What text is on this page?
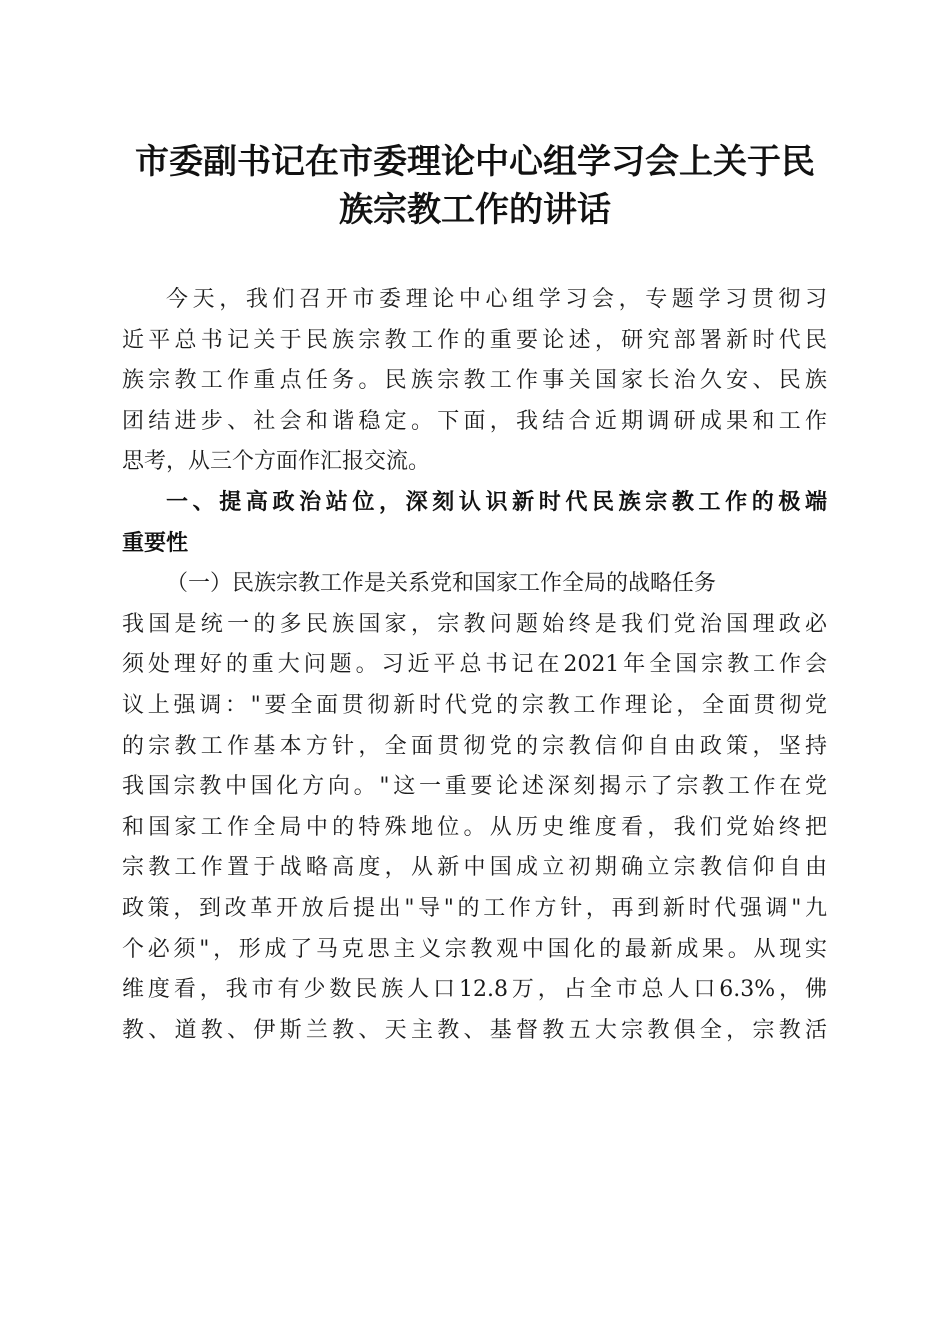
市委副书记在市委理论中心组学习会上关于民
族宗教工作的讲话
今天，我们召开市委理论中心组学习会，专题学习贯彻习
近平总书记关于民族宗教工作的重要论述，研究部署新时代民
族宗教工作重点任务。民族宗教工作事关国家长治久安、民族
团结进步、社会和谐稳定。下面，我结合近期调研成果和工作
思考，从三个方面作汇报交流。
一、提高政治站位，深刻认识新时代民族宗教工作的极端
重要性
（一）民族宗教工作是关系党和国家工作全局的战略任务
我国是统一的多民族国家，宗教问题始终是我们党治国理政必
须处理好的重大问题。习近平总书记在2021年全国宗教工作会
议上强调："要全面贯彻新时代党的宗教工作理论，全面贯彻党
的宗教工作基本方针，全面贯彻党的宗教信仰自由政策，坚持
我国宗教中国化方向。"这一重要论述深刻揭示了宗教工作在党
和国家工作全局中的特殊地位。从历史维度看，我们党始终把
宗教工作置于战略高度，从新中国成立初期确立宗教信仰自由
政策，到改革开放后提出"导"的工作方针，再到新时代强调"九
个必须"，形成了马克思主义宗教观中国化的最新成果。从现实
维度看，我市有少数民族人口12.8万，占全市总人口6.3%，佛
教、道教、伊斯兰教、天主教、基督教五大宗教俱全，宗教活
